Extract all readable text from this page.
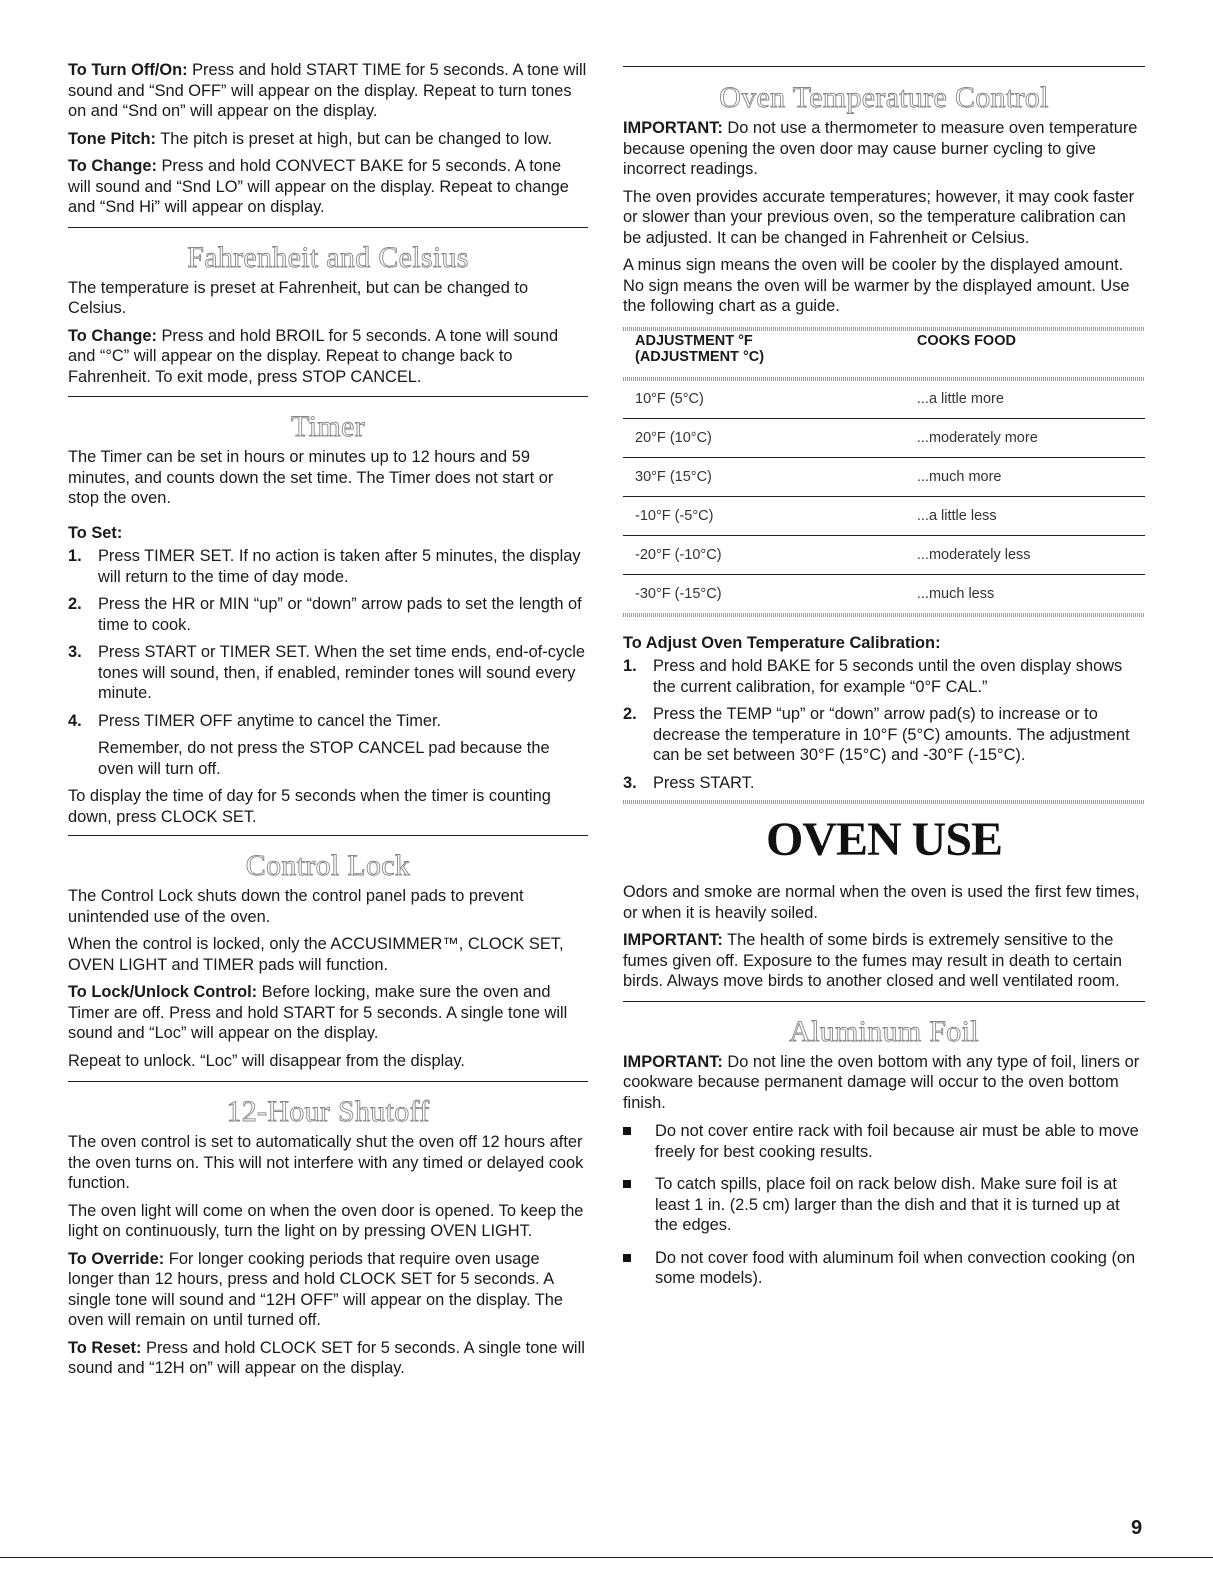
To Turn Off/On: Press and hold START TIME for 5 seconds. A tone will sound and “Snd OFF” will appear on the display. Repeat to turn tones on and “Snd on” will appear on the display.

Tone Pitch: The pitch is preset at high, but can be changed to low.

To Change: Press and hold CONVECT BAKE for 5 seconds. A tone will sound and “Snd LO” will appear on the display. Repeat to change and “Snd Hi” will appear on display.

Fahrenheit and Celsius

The temperature is preset at Fahrenheit, but can be changed to Celsius.

To Change: Press and hold BROIL for 5 seconds. A tone will sound and “°C” will appear on the display. Repeat to change back to Fahrenheit. To exit mode, press STOP CANCEL.

Timer

The Timer can be set in hours or minutes up to 12 hours and 59 minutes, and counts down the set time. The Timer does not start or stop the oven.

To Set:
1. Press TIMER SET. If no action is taken after 5 minutes, the display will return to the time of day mode.
2. Press the HR or MIN “up” or “down” arrow pads to set the length of time to cook.
3. Press START or TIMER SET. When the set time ends, end-of-cycle tones will sound, then, if enabled, reminder tones will sound every minute.
4. Press TIMER OFF anytime to cancel the Timer.

Remember, do not press the STOP CANCEL pad because the oven will turn off.

To display the time of day for 5 seconds when the timer is counting down, press CLOCK SET.

Control Lock

The Control Lock shuts down the control panel pads to prevent unintended use of the oven.

When the control is locked, only the ACCUSIMMER™, CLOCK SET, OVEN LIGHT and TIMER pads will function.

To Lock/Unlock Control: Before locking, make sure the oven and Timer are off. Press and hold START for 5 seconds. A single tone will sound and “Loc” will appear on the display.

Repeat to unlock. “Loc” will disappear from the display.

12-Hour Shutoff

The oven control is set to automatically shut the oven off 12 hours after the oven turns on. This will not interfere with any timed or delayed cook function.

The oven light will come on when the oven door is opened. To keep the light on continuously, turn the light on by pressing OVEN LIGHT.

To Override: For longer cooking periods that require oven usage longer than 12 hours, press and hold CLOCK SET for 5 seconds. A single tone will sound and “12H OFF” will appear on the display. The oven will remain on until turned off.

To Reset: Press and hold CLOCK SET for 5 seconds. A single tone will sound and “12H on” will appear on the display.

Oven Temperature Control

IMPORTANT: Do not use a thermometer to measure oven temperature because opening the oven door may cause burner cycling to give incorrect readings.

The oven provides accurate temperatures; however, it may cook faster or slower than your previous oven, so the temperature calibration can be adjusted. It can be changed in Fahrenheit or Celsius.

A minus sign means the oven will be cooler by the displayed amount. No sign means the oven will be warmer by the displayed amount. Use the following chart as a guide.

ADJUSTMENT °F
(ADJUSTMENT °C)	COOKS FOOD

10°F (5°C)	...a little more
20°F (10°C)	...moderately more
30°F (15°C)	...much more
-10°F (-5°C)	...a little less
-20°F (-10°C)	...moderately less
-30°F (-15°C)	...much less
To Adjust Oven Temperature Calibration:
1. Press and hold BAKE for 5 seconds until the oven display shows the current calibration, for example “0°F CAL.”
2. Press the TEMP “up” or “down” arrow pad(s) to increase or to decrease the temperature in 10°F (5°C) amounts. The adjustment can be set between 30°F (15°C) and -30°F (-15°C).
3. Press START.
OVEN USE

Odors and smoke are normal when the oven is used the first few times, or when it is heavily soiled.

IMPORTANT: The health of some birds is extremely sensitive to the fumes given off. Exposure to the fumes may result in death to certain birds. Always move birds to another closed and well ventilated room.

Aluminum Foil

IMPORTANT: Do not line the oven bottom with any type of foil, liners or cookware because permanent damage will occur to the oven bottom finish.

Do not cover entire rack with foil because air must be able to move freely for best cooking results.
To catch spills, place foil on rack below dish. Make sure foil is at least 1 in. (2.5 cm) larger than the dish and that it is turned up at the edges.
Do not cover food with aluminum foil when convection cooking (on some models).
9
